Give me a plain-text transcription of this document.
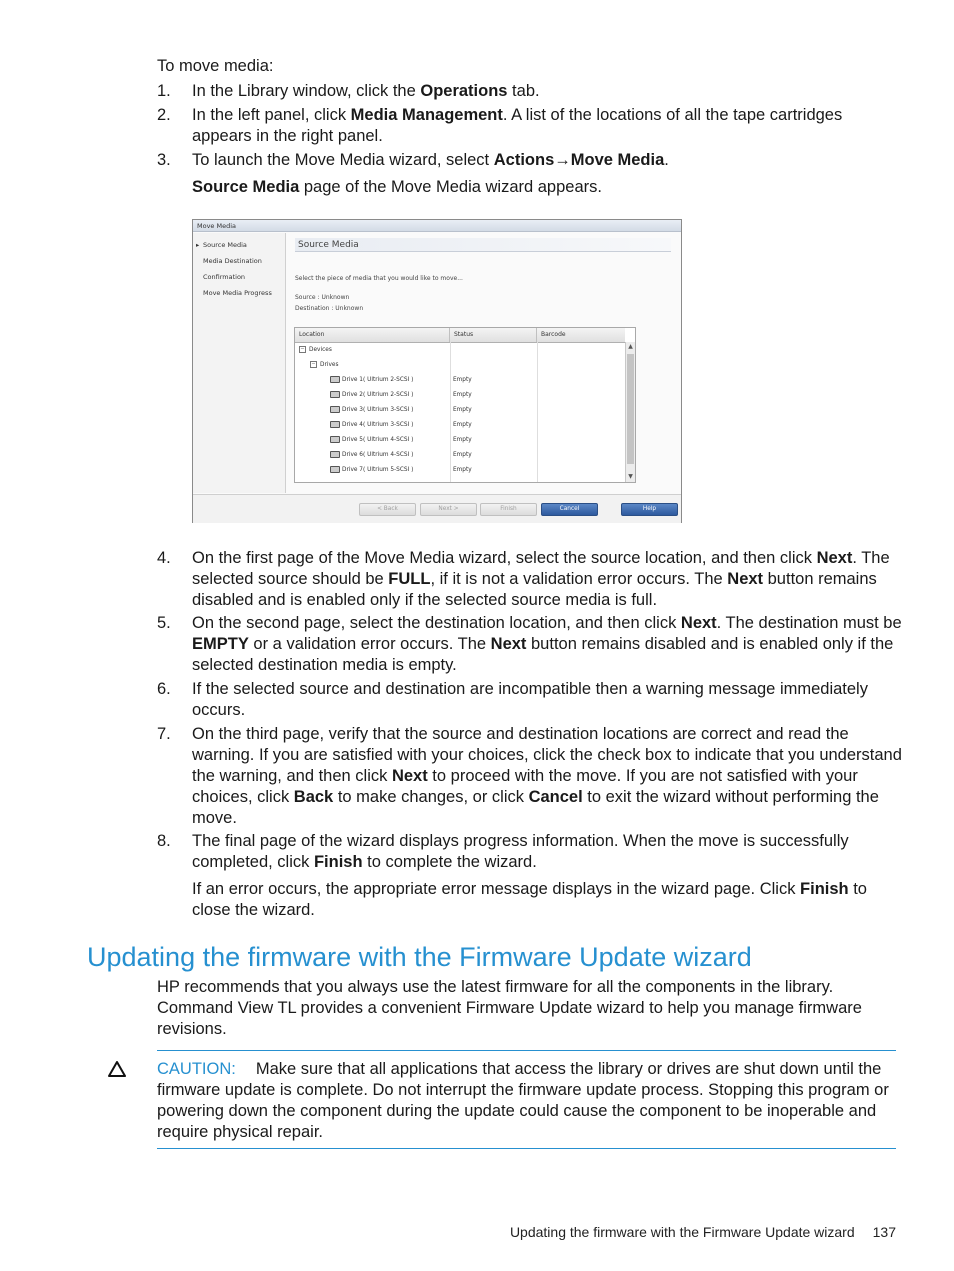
To move media:
1.	In the Library window, click the Operations tab.
2.	In the left panel, click Media Management. A list of the locations of all the tape cartridges appears in the right panel.
3.	To launch the Move Media wizard, select Actions→Move Media.
Source Media page of the Move Media wizard appears.
Move Media
▸ Source Media
Media Destination
Confirmation
Move Media Progress
Source Media
Select the piece of media that you would like to move...
Source : Unknown
Destination : Unknown
Location	Status	Barcode
− Devices
− Drives
Drive 1( Ultrium 2-SCSI )	Empty
Drive 2( Ultrium 2-SCSI )	Empty
Drive 3( Ultrium 3-SCSI )	Empty
Drive 4( Ultrium 3-SCSI )	Empty
Drive 5( Ultrium 4-SCSI )	Empty
Drive 6( Ultrium 4-SCSI )	Empty
Drive 7( Ultrium 5-SCSI )	Empty
▲
▼
< Back	Next >	Finish	Cancel	Help
4.	On the first page of the Move Media wizard, select the source location, and then click Next. The selected source should be FULL, if it is not a validation error occurs. The Next button remains disabled and is enabled only if the selected source media is full.
5.	On the second page, select the destination location, and then click Next. The destination must be EMPTY or a validation error occurs. The Next button remains disabled and is enabled only if the selected destination media is empty.
6.	If the selected source and destination are incompatible then a warning message immediately occurs.
7.	On the third page, verify that the source and destination locations are correct and read the warning. If you are satisfied with your choices, click the check box to indicate that you understand the warning, and then click Next to proceed with the move. If you are not satisfied with your choices, click Back to make changes, or click Cancel to exit the wizard without performing the move.
8.	The final page of the wizard displays progress information. When the move is successfully completed, click Finish to complete the wizard.
If an error occurs, the appropriate error message displays in the wizard page. Click Finish to close the wizard.
Updating the firmware with the Firmware Update wizard
HP recommends that you always use the latest firmware for all the components in the library. Command View TL provides a convenient Firmware Update wizard to help you manage firmware revisions.
CAUTION: Make sure that all applications that access the library or drives are shut down until the firmware update is complete. Do not interrupt the firmware update process. Stopping this program or powering down the component during the update could cause the component to be inoperable and require physical repair.
Updating the firmware with the Firmware Update wizard 137
